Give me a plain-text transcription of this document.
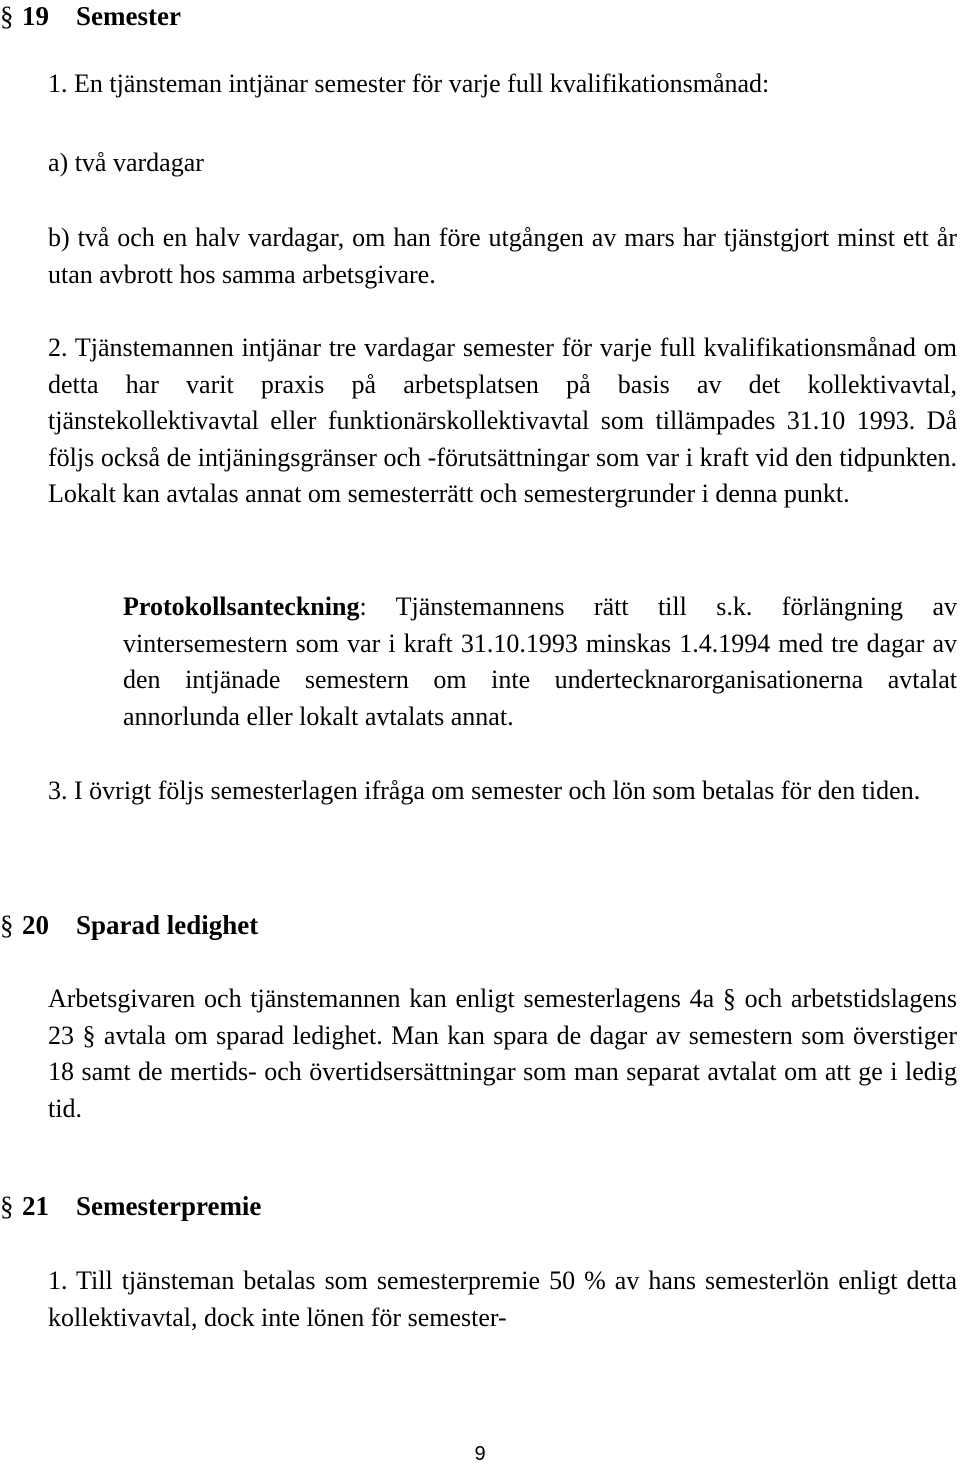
§ 19 Semester
1. En tjänsteman intjänar semester för varje full kvalifikationsmånad:
a) två vardagar
b) två och en halv vardagar, om han före utgången av mars har tjänstgjort minst ett år utan avbrott hos samma arbetsgivare.
2. Tjänstemannen intjänar tre vardagar semester för varje full kvalifikationsmånad om detta har varit praxis på arbetsplatsen på basis av det kollektivavtal, tjänstekollektivavtal eller funktionärskollektivavtal som tillämpades 31.10 1993. Då följs också de intjäningsgränser och -förutsättningar som var i kraft vid den tidpunkten. Lokalt kan avtalas annat om semesterrätt och semestergrunder i denna punkt.
Protokollsanteckning: Tjänstemannens rätt till s.k. förlängning av vintersemestern som var i kraft 31.10.1993 minskas 1.4.1994 med tre dagar av den intjänade semestern om inte undertecknarorganisationerna avtalat annorlunda eller lokalt avtalats annat.
3. I övrigt följs semesterlagen ifråga om semester och lön som betalas för den tiden.
§ 20 Sparad ledighet
Arbetsgivaren och tjänstemannen kan enligt semesterlagens 4a § och arbetstidslagens 23 § avtala om sparad ledighet. Man kan spara de dagar av semestern som överstiger 18 samt de mertids- och övertidsersättningar som man separat avtalat om att ge i ledig tid.
§ 21 Semesterpremie
1. Till tjänsteman betalas som semesterpremie 50 % av hans semesterlön enligt detta kollektivavtal, dock inte lönen för semester-
9
